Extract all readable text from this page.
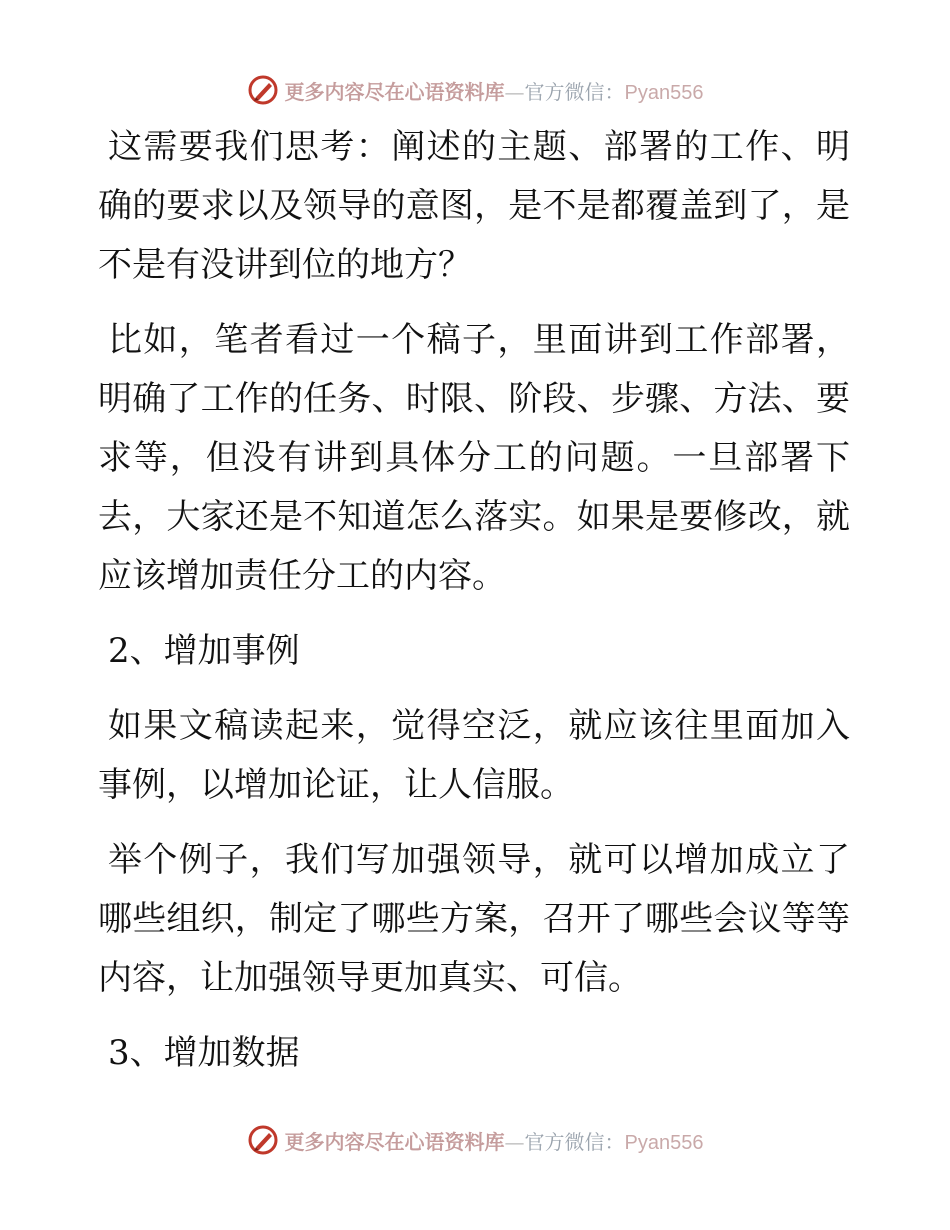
更多内容尽在心语资料库—官方微信：Pyan556

这需要我们思考：阐述的主题、部署的工作、明确的要求以及领导的意图，是不是都覆盖到了，是不是有没讲到位的地方？

比如，笔者看过一个稿子，里面讲到工作部署，明确了工作的任务、时限、阶段、步骤、方法、要求等，但没有讲到具体分工的问题。一旦部署下去，大家还是不知道怎么落实。如果是要修改，就应该增加责任分工的内容。

2、增加事例

如果文稿读起来，觉得空泛，就应该往里面加入事例，以增加论证，让人信服。

举个例子，我们写加强领导，就可以增加成立了哪些组织，制定了哪些方案，召开了哪些会议等等内容，让加强领导更加真实、可信。

3、增加数据

更多内容尽在心语资料库—官方微信：Pyan556
